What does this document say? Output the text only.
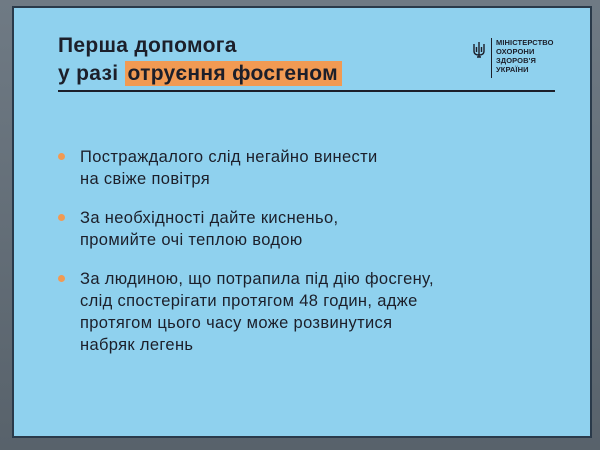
Перша допомога
у разі отруєння фосгеном
МІНІСТЕРСТВО
ОХОРОНИ
ЗДОРОВ'Я
УКРАЇНИ
Постраждалого слід негайно винести
на свіже повітря
За необхідності дайте кисненьо,
промийте очі теплою водою
За людиною, що потрапила під дію фосгену,
слід спостерігати протягом 48 годин, адже
протягом цього часу може розвинутися
набряк легень
